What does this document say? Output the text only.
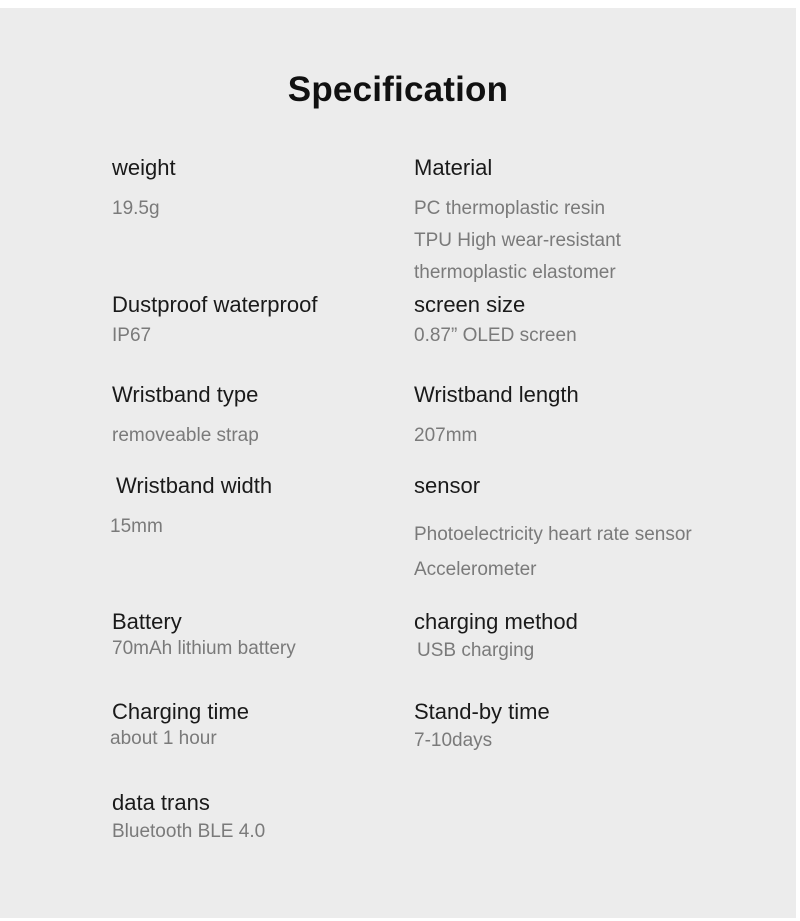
Specification
weight
19.5g
Material
PC thermoplastic resin
TPU High wear-resistant
thermoplastic elastomer
Dustproof waterproof
IP67
screen size
0.87” OLED screen
Wristband type
removeable strap
Wristband length
207mm
Wristband width
15mm
sensor
Photoelectricity heart rate sensor
Accelerometer
Battery
70mAh lithium battery
charging method
USB charging
Charging time
about 1 hour
Stand-by time
7-10days
data trans
Bluetooth BLE 4.0
